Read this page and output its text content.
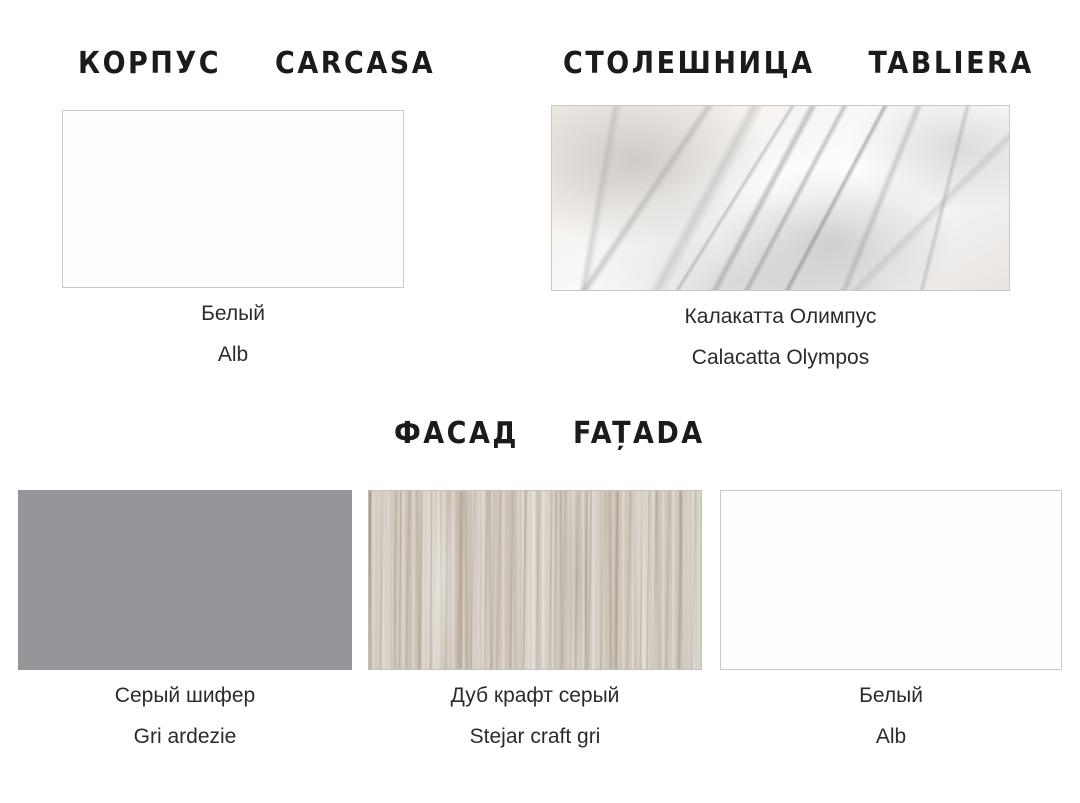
КОРПУС CARCASA	СТОЛЕШНИЦА TABLIERA
Белый
Alb
Калакатта Олимпус
Calacatta Olympos
ФАСАД FAȚADA
Серый шифер
Gri ardezie
Дуб крафт серый
Stejar craft gri
Белый
Alb
